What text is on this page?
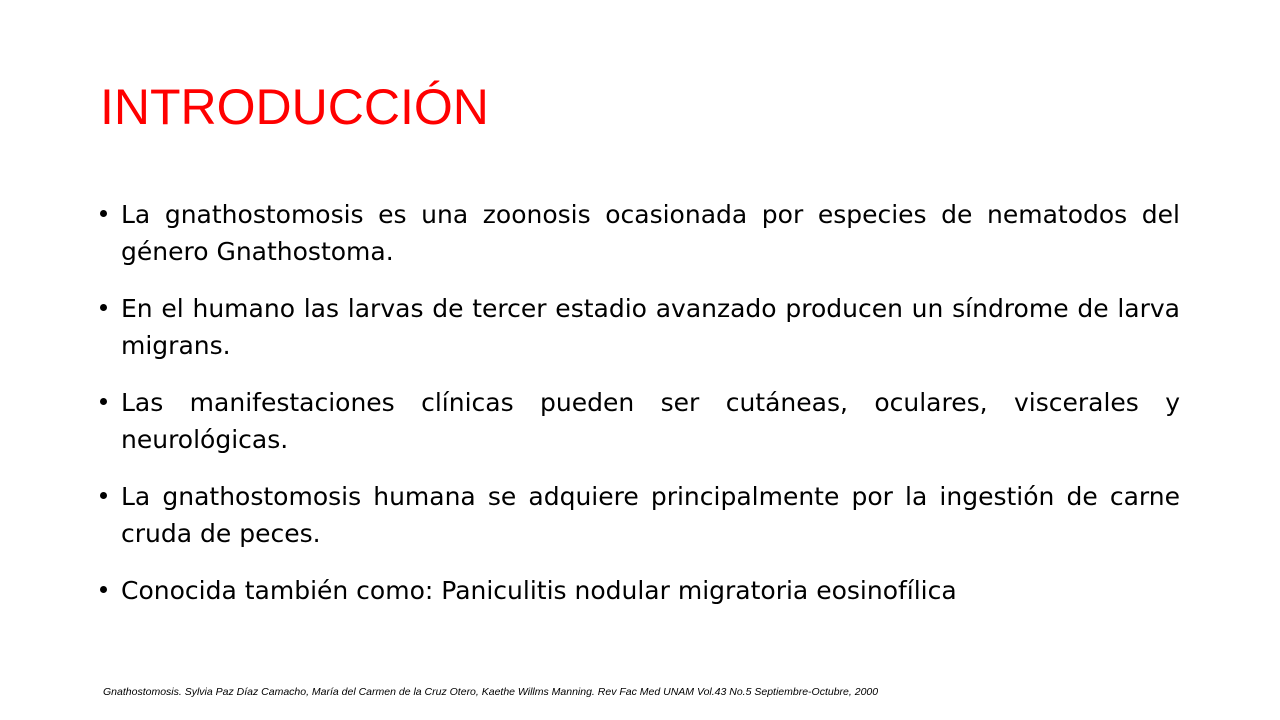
INTRODUCCIÓN
La gnathostomosis es una zoonosis ocasionada por especies de nematodos del género Gnathostoma.
En el humano las larvas de tercer estadio avanzado producen un síndrome de larva migrans.
Las manifestaciones clínicas pueden ser cutáneas, oculares, viscerales y neurológicas.
La gnathostomosis humana se adquiere principalmente por la ingestión de carne cruda de peces.
Conocida también como: Paniculitis nodular migratoria eosinofílica
Gnathostomosis. Sylvia Paz Díaz Camacho, María del Carmen de la Cruz Otero, Kaethe Willms Manning. Rev Fac Med UNAM Vol.43 No.5 Septiembre-Octubre, 2000
